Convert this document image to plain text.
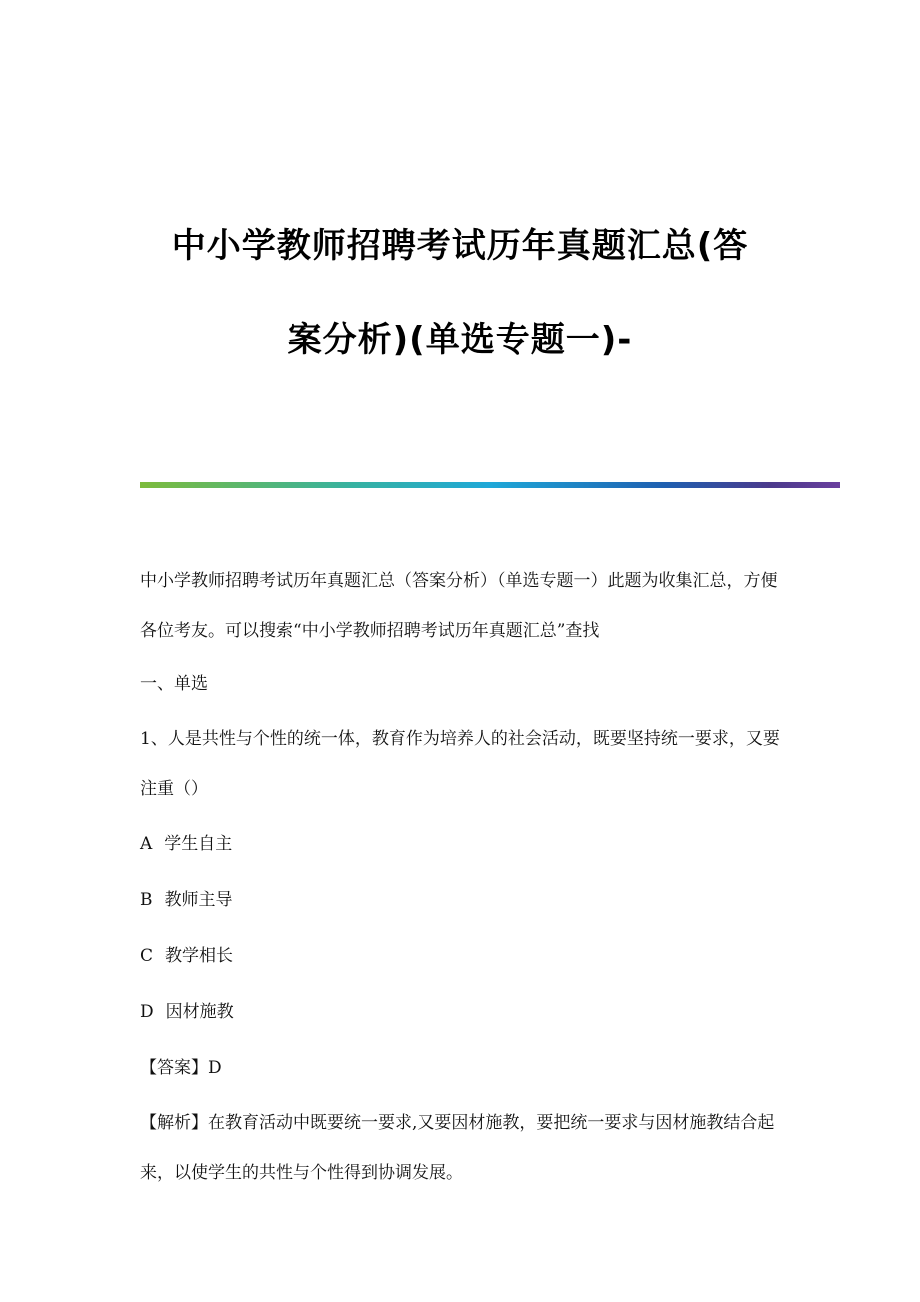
中小学教师招聘考试历年真题汇总(答
案分析)(单选专题一)-

中小学教师招聘考试历年真题汇总（答案分析）（单选专题一）此题为收集汇总，方便各位考友。可以搜索“中小学教师招聘考试历年真题汇总”查找

一、单选

1、人是共性与个性的统一体，教育作为培养人的社会活动，既要坚持统一要求，又要注重（）

A 学生自主

B 教师主导

C 教学相长

D 因材施教

【答案】D

【解析】在教育活动中既要统一要求,又要因材施教，要把统一要求与因材施教结合起来，以使学生的共性与个性得到协调发展。
